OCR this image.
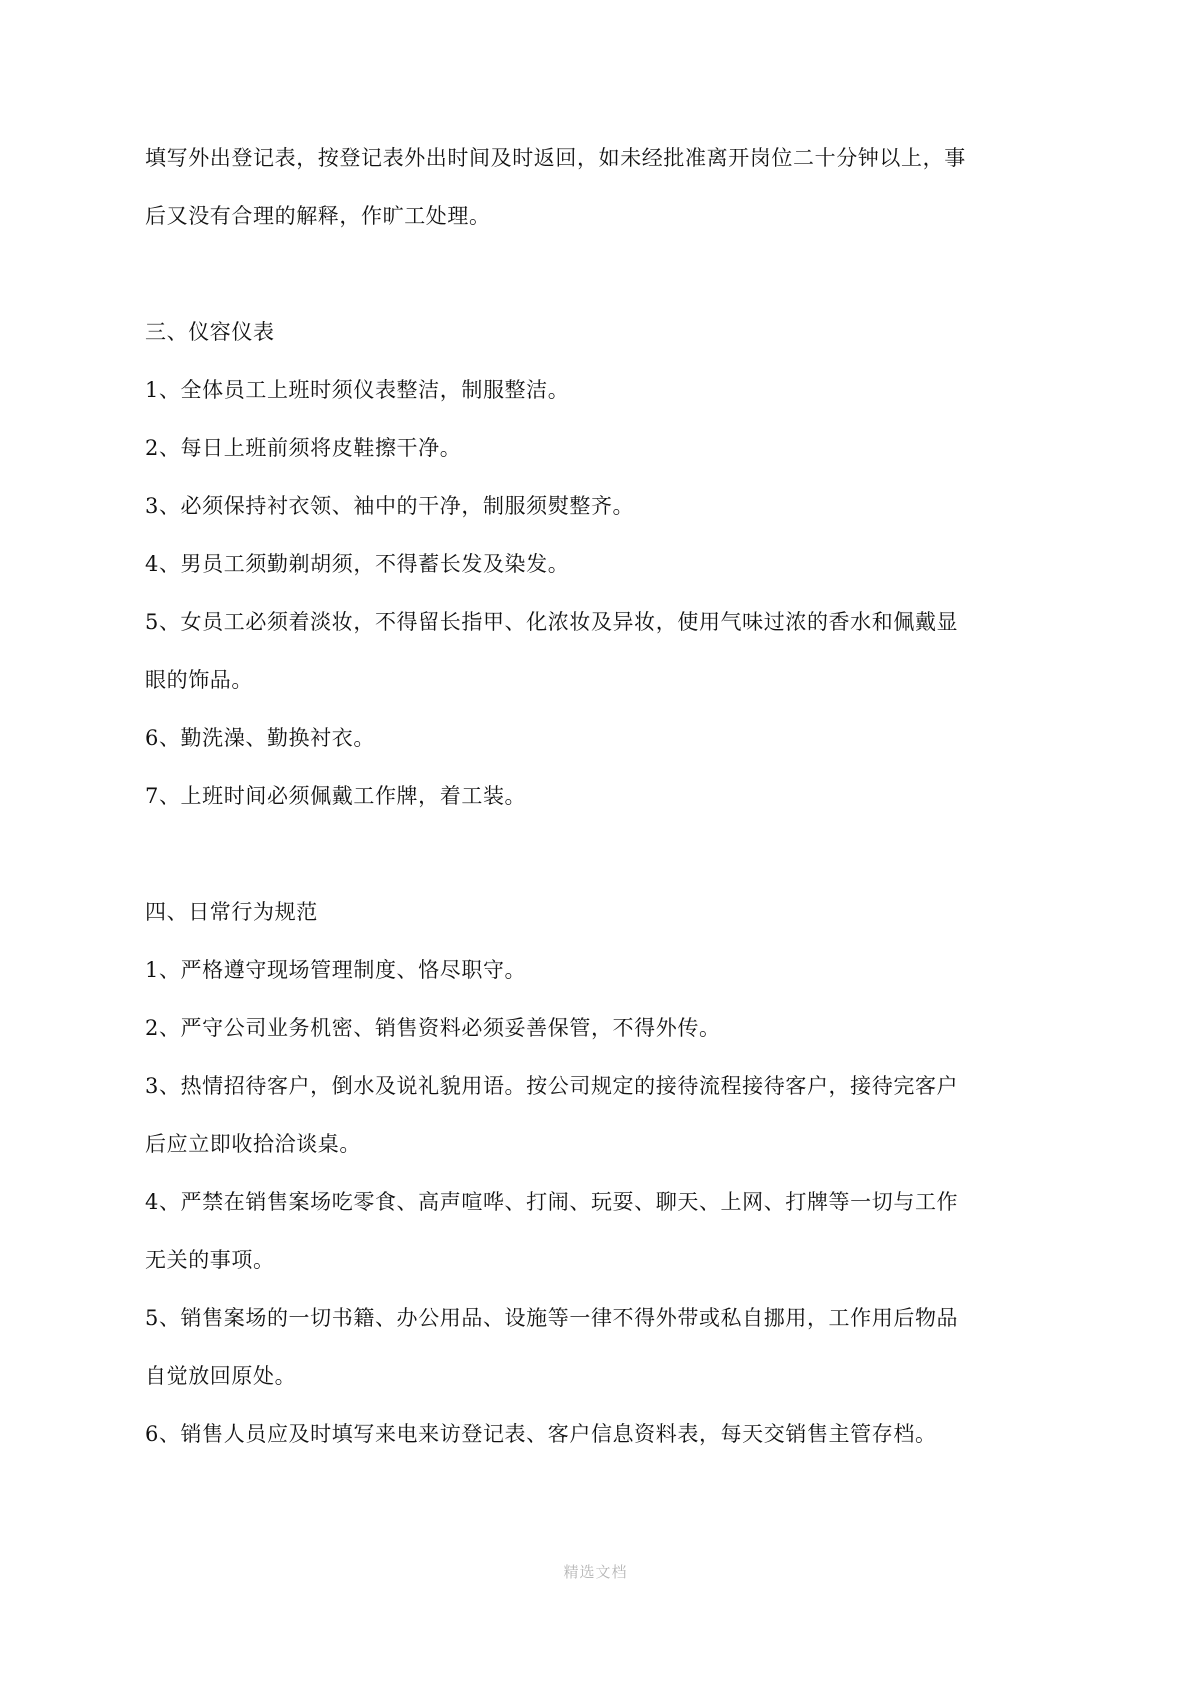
填写外出登记表，按登记表外出时间及时返回，如未经批准离开岗位二十分钟以上，事
后又没有合理的解释，作旷工处理。
三、仪容仪表
1、全体员工上班时须仪表整洁，制服整洁。
2、每日上班前须将皮鞋擦干净。
3、必须保持衬衣领、袖中的干净，制服须熨整齐。
4、男员工须勤剃胡须，不得蓄长发及染发。
5、女员工必须着淡妆，不得留长指甲、化浓妆及异妆，使用气味过浓的香水和佩戴显
眼的饰品。
6、勤洗澡、勤换衬衣。
7、上班时间必须佩戴工作牌，着工装。
四、日常行为规范
1、严格遵守现场管理制度、恪尽职守。
2、严守公司业务机密、销售资料必须妥善保管，不得外传。
3、热情招待客户，倒水及说礼貌用语。按公司规定的接待流程接待客户，接待完客户
后应立即收拾洽谈桌。
4、严禁在销售案场吃零食、高声喧哗、打闹、玩耍、聊天、上网、打牌等一切与工作
无关的事项。
5、销售案场的一切书籍、办公用品、设施等一律不得外带或私自挪用，工作用后物品
自觉放回原处。
6、销售人员应及时填写来电来访登记表、客户信息资料表，每天交销售主管存档。
精选文档
